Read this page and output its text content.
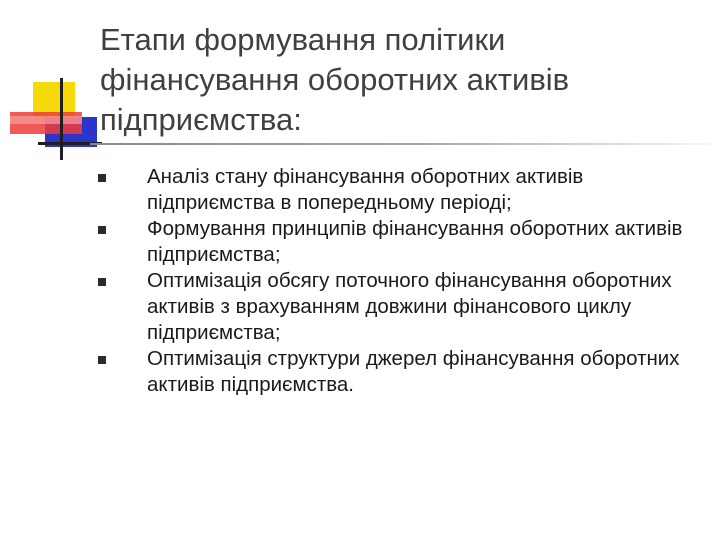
Етапи формування політики фінансування оборотних активів підприємства:
Аналіз стану фінансування оборотних активів підприємства в попередньому періоді;
Формування принципів фінансування оборотних активів підприємства;
Оптимізація обсягу поточного фінансування оборотних активів з врахуванням довжини фінансового циклу підприємства;
Оптимізація структури джерел фінансування оборотних активів підприємства.
